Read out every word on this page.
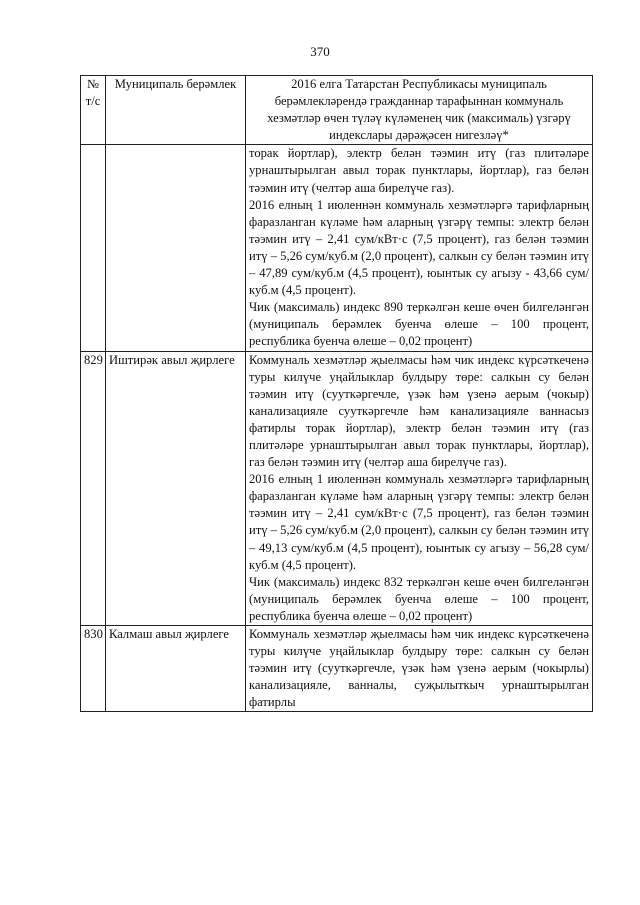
370
№ т/с	Муниципаль берәмлек	2016 елга Татарстан Республикасы муниципаль берәмлекләрендә гражданнар тарафыннан коммуналь хезмәтләр өчен түләү күләменең чик (максималь) үзгәрү индекслары дәрәҗәсен нигезләү*

		торак йортлар), электр белән тәэмин итү (газ плитәләре урнаштырылган авыл торак пунктлары, йортлар), газ белән тәэмин итү (челтәр аша бирелүче газ).

2016 елның 1 июленнән коммуналь хезмәтләргә тарифларның фаразланган күләме һәм аларның үзгәрү темпы: электр белән тәэмин итү – 2,41 сум/кВт·с (7,5 процент), газ белән тәэмин итү – 5,26 сум/куб.м (2,0 процент), салкын су белән тәэмин итү – 47,89 сум/куб.м (4,5 процент), юынтык су агызу - 43,66 сум/куб.м (4,5 процент).

Чик (максималь) индекс 890 теркәлгән кеше өчен билгеләнгән (муниципаль берәмлек буенча өлеше – 100 процент, республика буенча өлеше – 0,02 процент)

829	Иштирәк авыл җирлеге	Коммуналь хезмәтләр җыелмасы һәм чик индекс күрсәткеченә туры килүче уңайлыклар булдыру төре: салкын су белән тәэмин итү (сууткәргечле, үзәк һәм үзенә аерым (чокыр) канализацияле сууткәргечле һәм канализацияле ваннасыз фатирлы торак йортлар), электр белән тәэмин итү (газ плитәләре урнаштырылган авыл торак пунктлары, йортлар), газ белән тәэмин итү (челтәр аша бирелүче газ).

2016 елның 1 июленнән коммуналь хезмәтләргә тарифларның фаразланган күләме һәм аларның үзгәрү темпы: электр белән тәэмин итү – 2,41 сум/кВт·с (7,5 процент), газ белән тәэмин итү – 5,26 сум/куб.м (2,0 процент), салкын су белән тәэмин итү – 49,13 сум/куб.м (4,5 процент), юынтык су агызу – 56,28 сум/куб.м (4,5 процент).

Чик (максималь) индекс 832 теркәлгән кеше өчен билгеләнгән (муниципаль берәмлек буенча өлеше – 100 процент, республика буенча өлеше – 0,02 процент)

830	Калмаш авыл җирлеге	Коммуналь хезмәтләр җыелмасы һәм чик индекс күрсәткеченә туры килүче уңайлыклар булдыру төре: салкын су белән тәэмин итү (сууткәргечле, үзәк һәм үзенә аерым (чокырлы) канализацияле, ванналы, суҗылыткыч урнаштырылган фатирлы
